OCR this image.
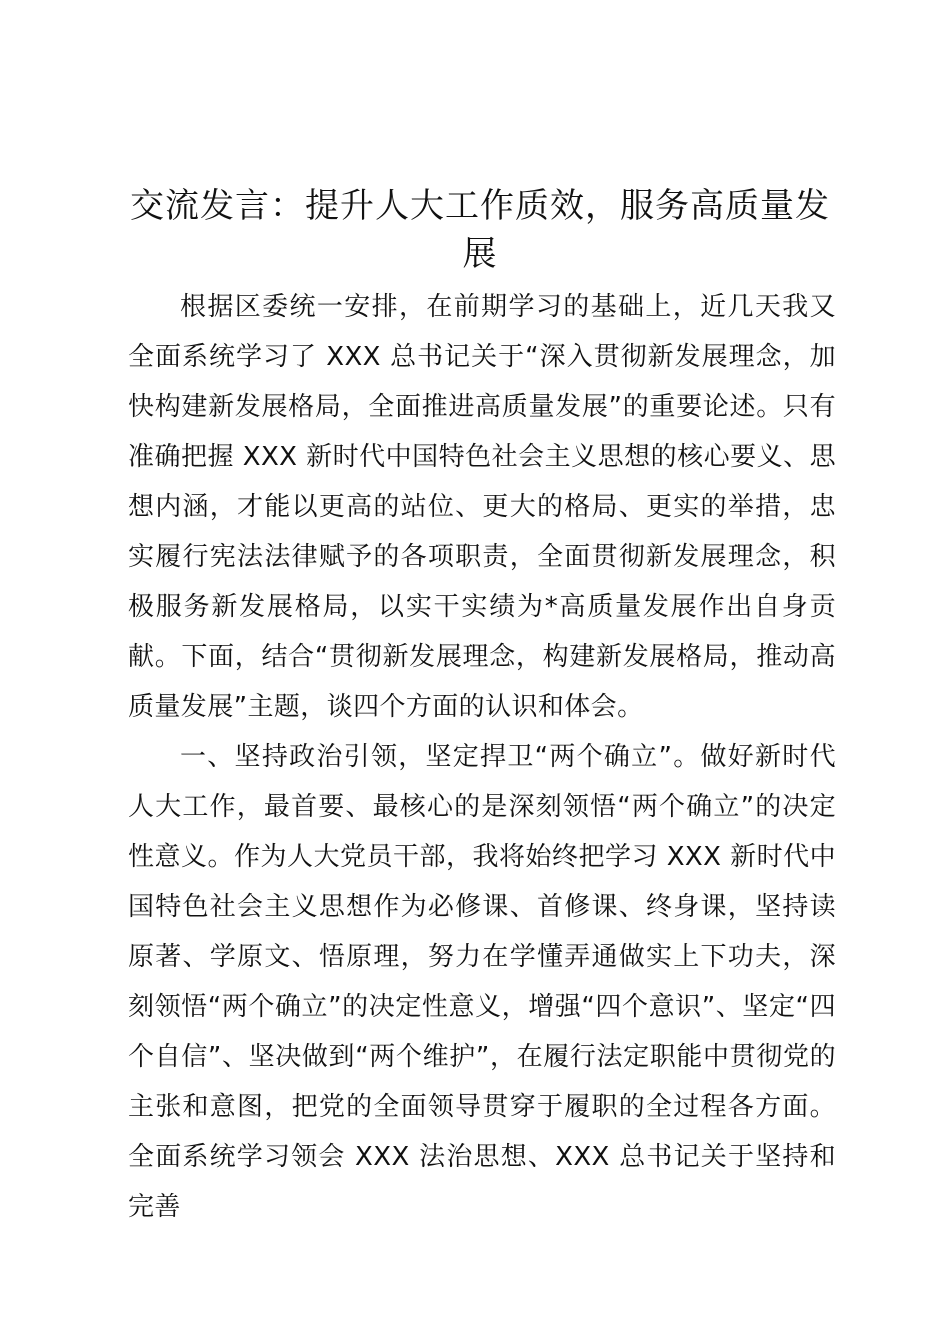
交流发言：提升人大工作质效，服务高质量发展

根据区委统一安排，在前期学习的基础上，近几天我又全面系统学习了 XXX 总书记关于“深入贯彻新发展理念，加快构建新发展格局，全面推进高质量发展”的重要论述。只有准确把握 XXX 新时代中国特色社会主义思想的核心要义、思想内涵，才能以更高的站位、更大的格局、更实的举措，忠实履行宪法法律赋予的各项职责，全面贯彻新发展理念，积极服务新发展格局，以实干实绩为*高质量发展作出自身贡献。下面，结合“贯彻新发展理念，构建新发展格局，推动高质量发展”主题，谈四个方面的认识和体会。

一、坚持政治引领，坚定捍卫“两个确立”。做好新时代人大工作，最首要、最核心的是深刻领悟“两个确立”的决定性意义。作为人大党员干部，我将始终把学习 XXX 新时代中国特色社会主义思想作为必修课、首修课、终身课，坚持读原著、学原文、悟原理，努力在学懂弄通做实上下功夫，深刻领悟“两个确立”的决定性意义，增强“四个意识”、坚定“四个自信”、坚决做到“两个维护”，在履行法定职能中贯彻党的主张和意图，把党的全面领导贯穿于履职的全过程各方面。全面系统学习领会 XXX 法治思想、XXX 总书记关于坚持和完善
